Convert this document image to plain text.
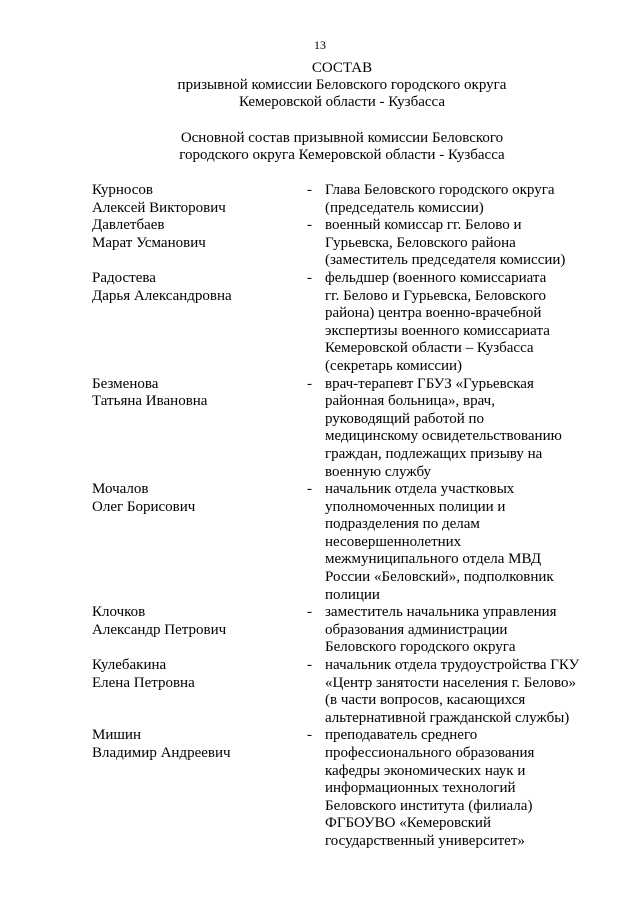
13
СОСТАВ
призывной комиссии Беловского городского округа
Кемеровской области - Кузбасса
Основной состав призывной комиссии Беловского
городского округа Кемеровской области - Кузбасса
Курносов
Алексей Викторович
- Глава Беловского городского округа
(председатель комиссии)
Давлетбаев
Марат Усманович
- военный комиссар гг. Белово и
Гурьевска, Беловского района
(заместитель председателя комиссии)
Радостева
Дарья Александровна
- фельдшер (военного комиссариата
гг. Белово и Гурьевска, Беловского
района) центра военно-врачебной
экспертизы военного комиссариата
Кемеровской области – Кузбасса
(секретарь комиссии)
Безменова
Татьяна Ивановна
- врач-терапевт ГБУЗ «Гурьевская
районная больница», врач,
руководящий работой по
медицинскому освидетельствованию
граждан, подлежащих призыву на
военную службу
Мочалов
Олег Борисович
- начальник отдела участковых
уполномоченных полиции и
подразделения по делам
несовершеннолетних
межмуниципального отдела МВД
России «Беловский», подполковник
полиции
Клочков
Александр Петрович
- заместитель начальника управления
образования администрации
Беловского городского округа
Кулебакина
Елена Петровна
- начальник отдела трудоустройства ГКУ
«Центр занятости населения г. Белово»
(в части вопросов, касающихся
альтернативной гражданской службы)
Мишин
Владимир Андреевич
- преподаватель среднего
профессионального образования
кафедры экономических наук и
информационных технологий
Беловского института (филиала)
ФГБОУВО «Кемеровский
государственный университет»
